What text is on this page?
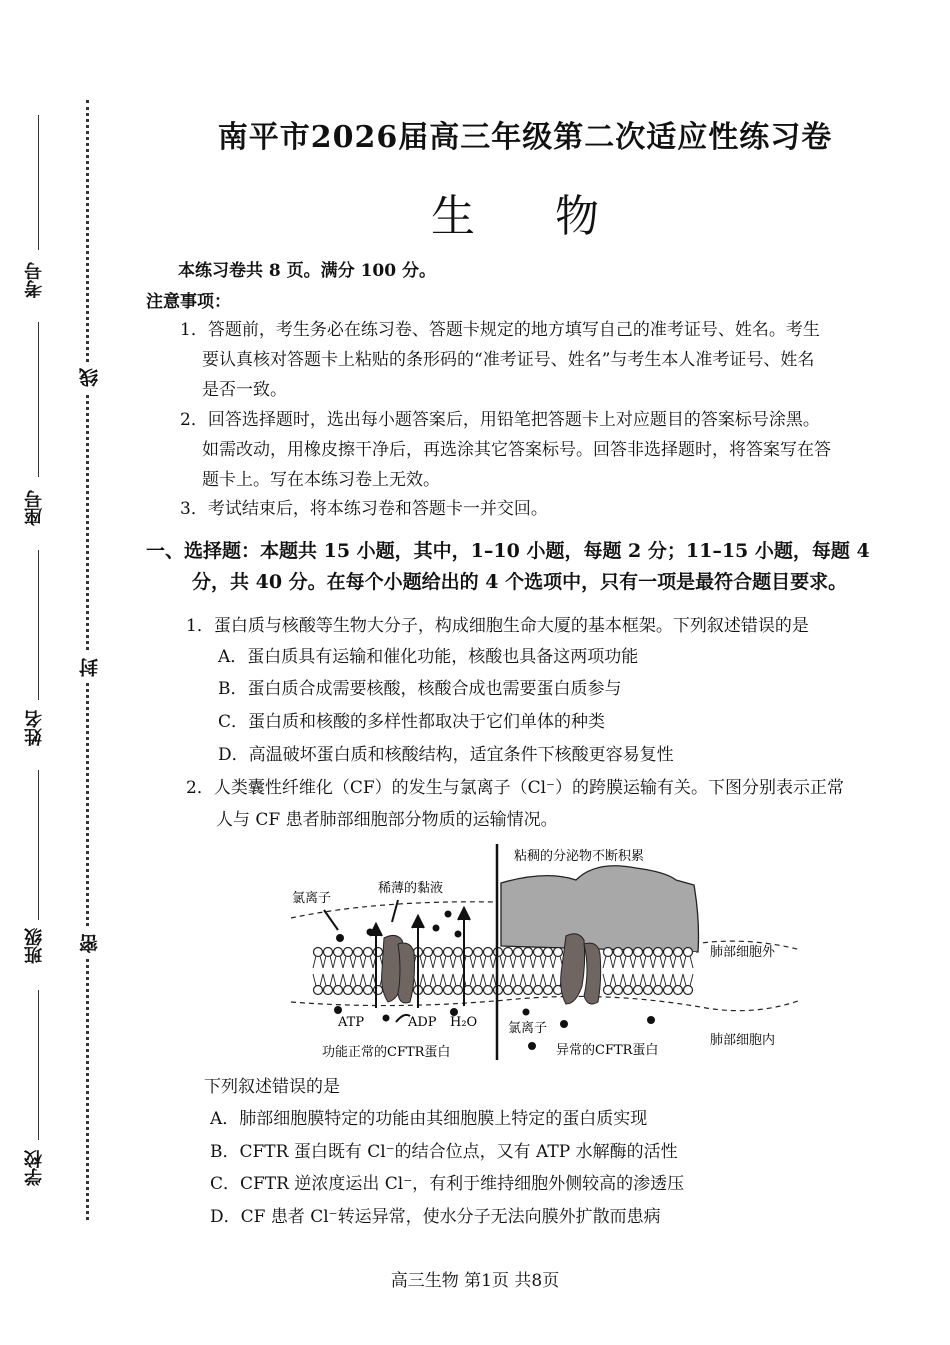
考号
座号
姓名
班级
学校
线
封
密
南平市2026届高三年级第二次适应性练习卷
生物
本练习卷共 8 页。满分 100 分。
注意事项：
1．答题前，考生务必在练习卷、答题卡规定的地方填写自己的准考证号、姓名。考生
要认真核对答题卡上粘贴的条形码的“准考证号、姓名”与考生本人准考证号、姓名
是否一致。
2．回答选择题时，选出每小题答案后，用铅笔把答题卡上对应题目的答案标号涂黑。
如需改动，用橡皮擦干净后，再选涂其它答案标号。回答非选择题时，将答案写在答
题卡上。写在本练习卷上无效。
3．考试结束后，将本练习卷和答题卡一并交回。
一、选择题：本题共 15 小题，其中，1–10 小题，每题 2 分；11–15 小题，每题 4
分，共 40 分。在每个小题给出的 4 个选项中，只有一项是最符合题目要求。
1．蛋白质与核酸等生物大分子，构成细胞生命大厦的基本框架。下列叙述错误的是
A．蛋白质具有运输和催化功能，核酸也具备这两项功能
B．蛋白质合成需要核酸，核酸合成也需要蛋白质参与
C．蛋白质和核酸的多样性都取决于它们单体的种类
D．高温破坏蛋白质和核酸结构，适宜条件下核酸更容易复性
2．人类囊性纤维化（CF）的发生与氯离子（Cl⁻）的跨膜运输有关。下图分别表示正常
人与 CF 患者肺部细胞部分物质的运输情况。
粘稠的分泌物不断积累
稀薄的黏液
氯离子
肺部细胞外
肺部细胞内
ATP	ADP H₂O 氯离子
功能正常的CFTR蛋白	异常的CFTR蛋白
下列叙述错误的是
A．肺部细胞膜特定的功能由其细胞膜上特定的蛋白质实现
B．CFTR 蛋白既有 Cl⁻的结合位点，又有 ATP 水解酶的活性
C．CFTR 逆浓度运出 Cl⁻，有利于维持细胞外侧较高的渗透压
D．CF 患者 Cl⁻转运异常，使水分子无法向膜外扩散而患病
高三生物 第1页 共8页
